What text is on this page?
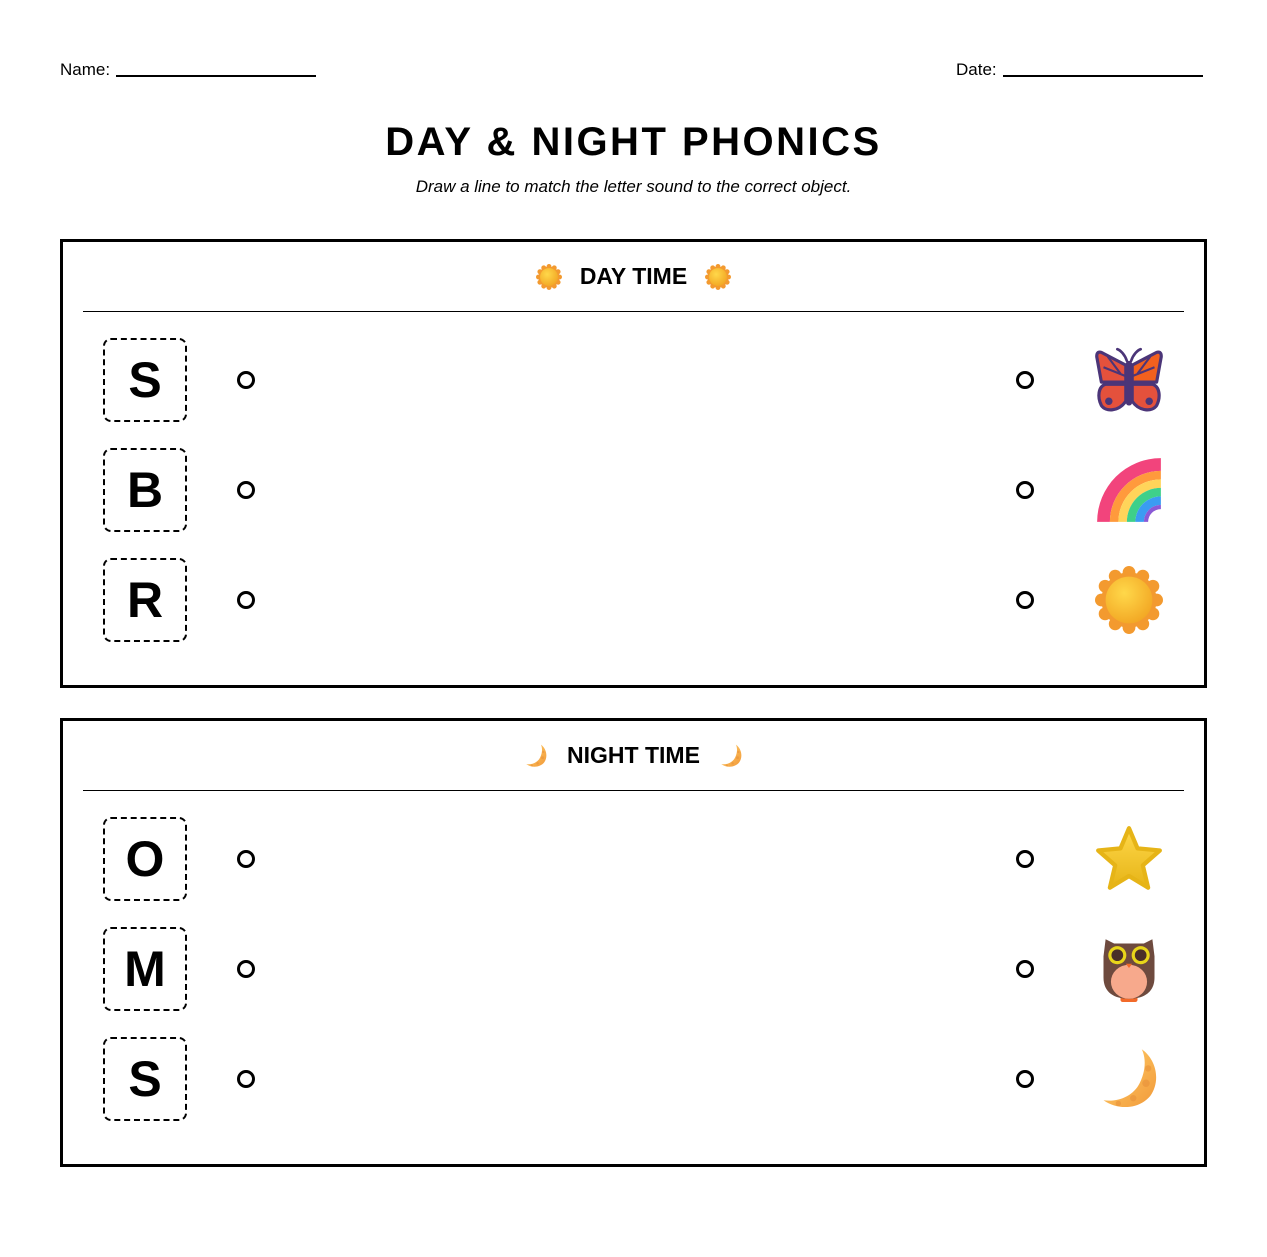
Name:	Date:
DAY & NIGHT PHONICS
Draw a line to match the letter sound to the correct object.
DAY TIME
S
B
R
NIGHT TIME
O
M
S
